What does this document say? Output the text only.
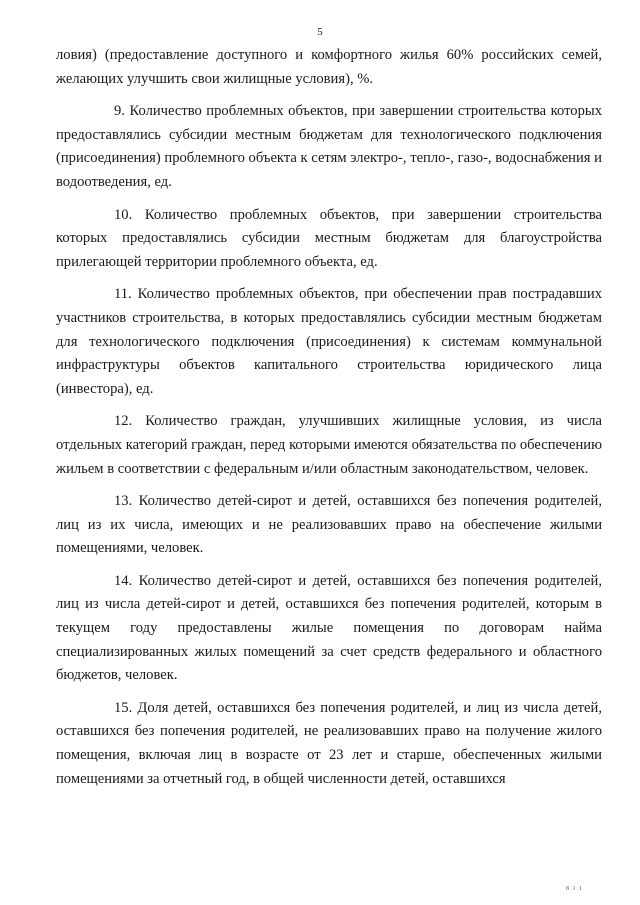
5

ловия) (предоставление доступного и комфортного жилья 60% российских семей, желающих улучшить свои жилищные условия), %.

9. Количество проблемных объектов, при завершении строительства которых предоставлялись субсидии местным бюджетам для технологического подключения (присоединения) проблемного объекта к сетям электро-, тепло-, газо-, водоснабжения и водоотведения, ед.

10. Количество проблемных объектов, при завершении строительства которых предоставлялись субсидии местным бюджетам для благоустройства прилегающей территории проблемного объекта, ед.

11. Количество проблемных объектов, при обеспечении прав пострадавших участников строительства, в которых предоставлялись субсидии местным бюджетам для технологического подключения (присоединения) к системам коммунальной инфраструктуры объектов капитального строительства юридического лица (инвестора), ед.

12. Количество граждан, улучшивших жилищные условия, из числа отдельных категорий граждан, перед которыми имеются обязательства по обеспечению жильем в соответствии с федеральным и/или областным законодательством, человек.

13. Количество детей-сирот и детей, оставшихся без попечения родителей, лиц из их числа, имеющих и не реализовавших право на обеспечение жилыми помещениями, человек.

14. Количество детей-сирот и детей, оставшихся без попечения родителей, лиц из числа детей-сирот и детей, оставшихся без попечения родителей, которым в текущем году предоставлены жилые помещения по договорам найма специализированных жилых помещений за счет средств федерального и областного бюджетов, человек.

15. Доля детей, оставшихся без попечения родителей, и лиц из числа детей, оставшихся без попечения родителей, не реализовавших право на получение жилого помещения, включая лиц в возрасте от 23 лет и старше, обеспеченных жилыми помещениями за отчетный год, в общей численности детей, оставшихся

8 1 1
